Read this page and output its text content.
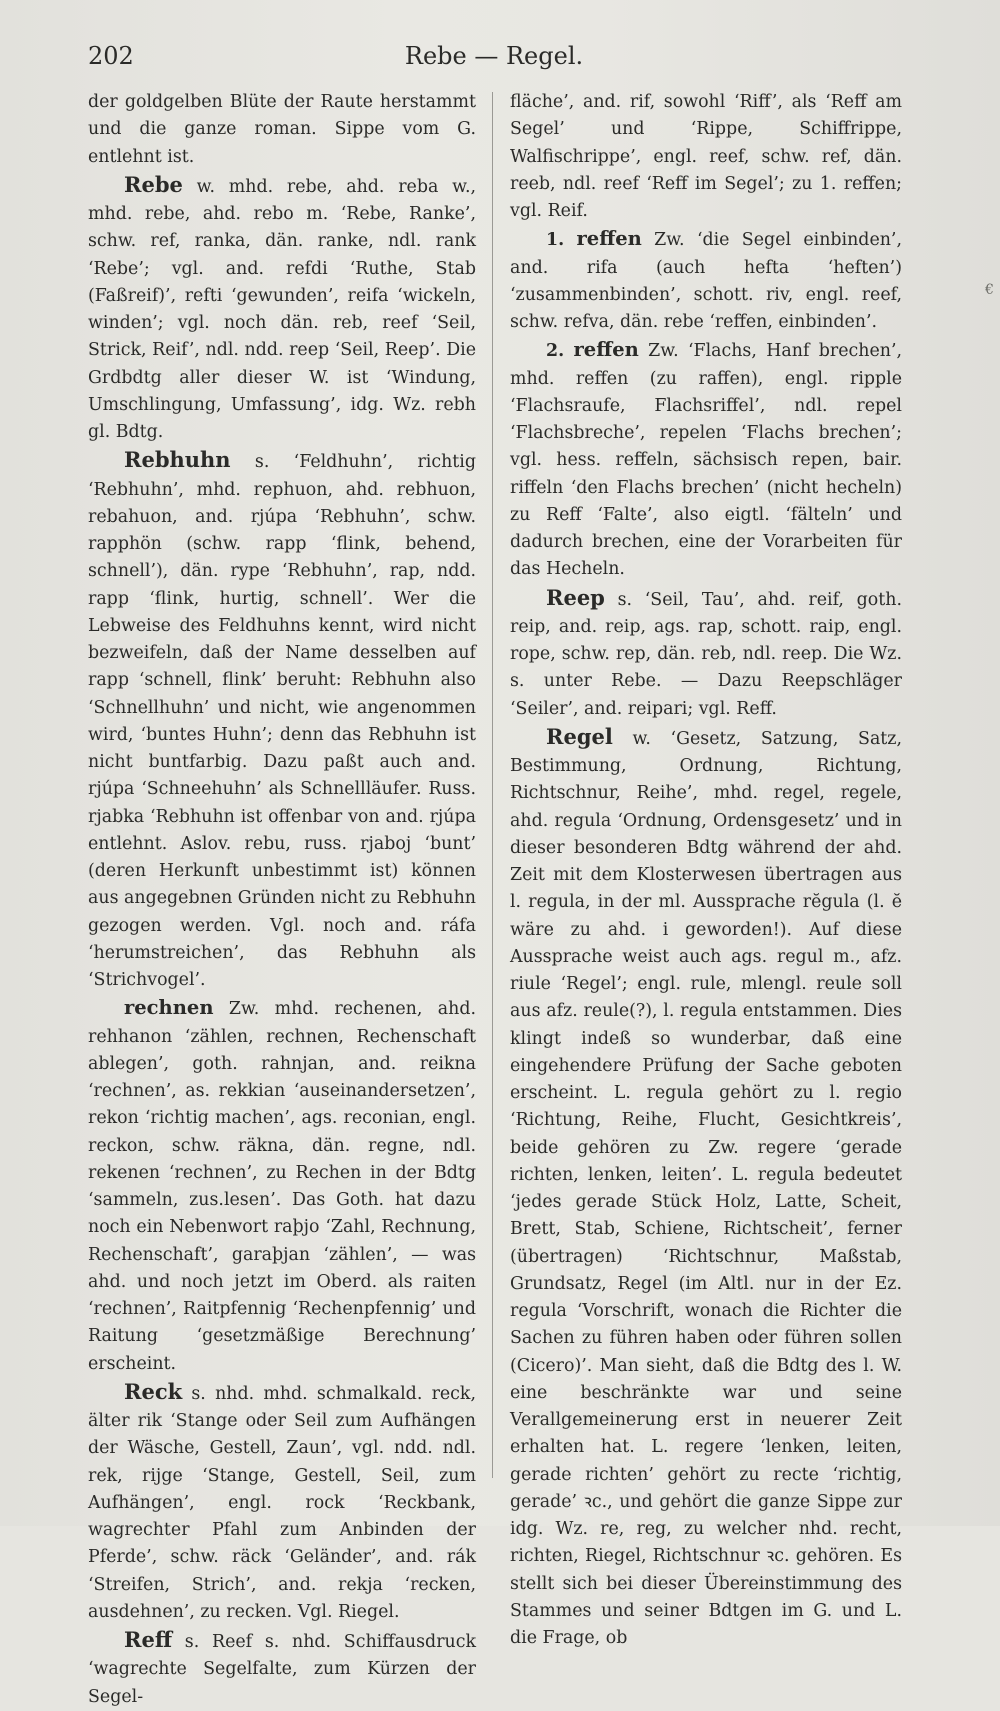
202	Rebe — Regel.

der goldgelben Blüte der Raute herstammt und die ganze roman. Sippe vom G. entlehnt ist.

Rebe w. mhd. rebe, ahd. reba w., mhd. rebe, ahd. rebo m. ‘Rebe, Ranke’, schw. ref, ranka, dän. ranke, ndl. rank ‘Rebe’; vgl. and. refdi ‘Ruthe, Stab (Faßreif)’, refti ‘gewunden’, reifa ‘wickeln, winden’; vgl. noch dän. reb, reef ‘Seil, Strick, Reif’, ndl. ndd. reep ‘Seil, Reep’. Die Grdbdtg aller dieser W. ist ‘Windung, Umschlingung, Umfassung’, idg. Wz. rebh gl. Bdtg.

Rebhuhn s. ‘Feldhuhn’, richtig ‘Rebhuhn’, mhd. rephuon, ahd. rebhuon, rebahuon, and. rjúpa ‘Rebhuhn’, schw. rapphön (schw. rapp ‘flink, behend, schnell’), dän. rype ‘Rebhuhn’, rap, ndd. rapp ‘flink, hurtig, schnell’. Wer die Lebweise des Feldhuhns kennt, wird nicht bezweifeln, daß der Name desselben auf rapp ‘schnell, flink’ beruht: Rebhuhn also ‘Schnellhuhn’ und nicht, wie angenommen wird, ‘buntes Huhn’; denn das Rebhuhn ist nicht buntfarbig. Dazu paßt auch and. rjúpa ‘Schneehuhn’ als Schnellläufer. Russ. rjabka ‘Rebhuhn ist offenbar von and. rjúpa entlehnt. Aslov. rebu, russ. rjaboj ‘bunt’ (deren Herkunft unbestimmt ist) können aus angegebnen Gründen nicht zu Rebhuhn gezogen werden. Vgl. noch and. ráfa ‘herumstreichen’, das Rebhuhn als ‘Strichvogel’.

rechnen Zw. mhd. rechenen, ahd. rehhanon ‘zählen, rechnen, Rechenschaft ablegen’, goth. rahnjan, and. reikna ‘rechnen’, as. rekkian ‘auseinandersetzen’, rekon ‘richtig machen’, ags. reconian, engl. reckon, schw. räkna, dän. regne, ndl. rekenen ‘rechnen’, zu Rechen in der Bdtg ‘sammeln, zus.lesen’. Das Goth. hat dazu noch ein Nebenwort raþjo ‘Zahl, Rechnung, Rechenschaft’, garaþjan ‘zählen’, — was ahd. und noch jetzt im Oberd. als raiten ‘rechnen’, Raitpfennig ‘Rechenpfennig’ und Raitung ‘gesetzmäßige Berechnung’ erscheint.

Reck s. nhd. mhd. schmalkald. reck, älter rik ‘Stange oder Seil zum Aufhängen der Wäsche, Gestell, Zaun’, vgl. ndd. ndl. rek, rijge ‘Stange, Gestell, Seil, zum Aufhängen’, engl. rock ‘Reckbank, wagrechter Pfahl zum Anbinden der Pferde’, schw. räck ‘Geländer’, and. rák ‘Streifen, Strich’, and. rekja ‘recken, ausdehnen’, zu recken. Vgl. Riegel.

Reff s. Reef s. nhd. Schiffausdruck ‘wagrechte Segelfalte, zum Kürzen der Segel-

fläche’, and. rif, sowohl ‘Riff’, als ‘Reff am Segel’ und ‘Rippe, Schiffrippe, Walfischrippe’, engl. reef, schw. ref, dän. reeb, ndl. reef ‘Reff im Segel’; zu 1. reffen; vgl. Reif.

1. reffen Zw. ‘die Segel einbinden’, and. rifa (auch hefta ‘heften’) ‘zusammenbinden’, schott. riv, engl. reef, schw. refva, dän. rebe ‘reffen, einbinden’.

2. reffen Zw. ‘Flachs, Hanf brechen’, mhd. reffen (zu raffen), engl. ripple ‘Flachsraufe, Flachsriffel’, ndl. repel ‘Flachsbreche’, repelen ‘Flachs brechen’; vgl. hess. reffeln, sächsisch repen, bair. riffeln ‘den Flachs brechen’ (nicht hecheln) zu Reff ‘Falte’, also eigtl. ‘fälteln’ und dadurch brechen, eine der Vorarbeiten für das Hecheln.

Reep s. ‘Seil, Tau’, ahd. reif, goth. reip, and. reip, ags. rap, schott. raip, engl. rope, schw. rep, dän. reb, ndl. reep. Die Wz. s. unter Rebe. — Dazu Reepschläger ‘Seiler’, and. reipari; vgl. Reff.

Regel w. ‘Gesetz, Satzung, Satz, Bestimmung, Ordnung, Richtung, Richtschnur, Reihe’, mhd. regel, regele, ahd. regula ‘Ordnung, Ordensgesetz’ und in dieser besonderen Bdtg während der ahd. Zeit mit dem Klosterwesen übertragen aus l. regula, in der ml. Aussprache rĕgula (l. ĕ wäre zu ahd. i geworden!). Auf diese Aussprache weist auch ags. regul m., afz. riule ‘Regel’; engl. rule, mlengl. reule soll aus afz. reule(?), l. regula entstammen. Dies klingt indeß so wunderbar, daß eine eingehendere Prüfung der Sache geboten erscheint. L. regula gehört zu l. regio ‘Richtung, Reihe, Flucht, Gesichtkreis’, beide gehören zu Zw. regere ‘gerade richten, lenken, leiten’. L. regula bedeutet ‘jedes gerade Stück Holz, Latte, Scheit, Brett, Stab, Schiene, Richtscheit’, ferner (übertragen) ‘Richtschnur, Maßstab, Grundsatz, Regel (im Altl. nur in der Ez. regula ‘Vorschrift, wonach die Richter die Sachen zu führen haben oder führen sollen (Cicero)’. Man sieht, daß die Bdtg des l. W. eine beschränkte war und seine Verallgemeinerung erst in neuerer Zeit erhalten hat. L. regere ‘lenken, leiten, gerade richten’ gehört zu recte ‘richtig, gerade’ ꝛc., und gehört die ganze Sippe zur idg. Wz. re, reg, zu welcher nhd. recht, richten, Riegel, Richtschnur ꝛc. gehören. Es stellt sich bei dieser Übereinstimmung des Stammes und seiner Bdtgen im G. und L. die Frage, ob

€
